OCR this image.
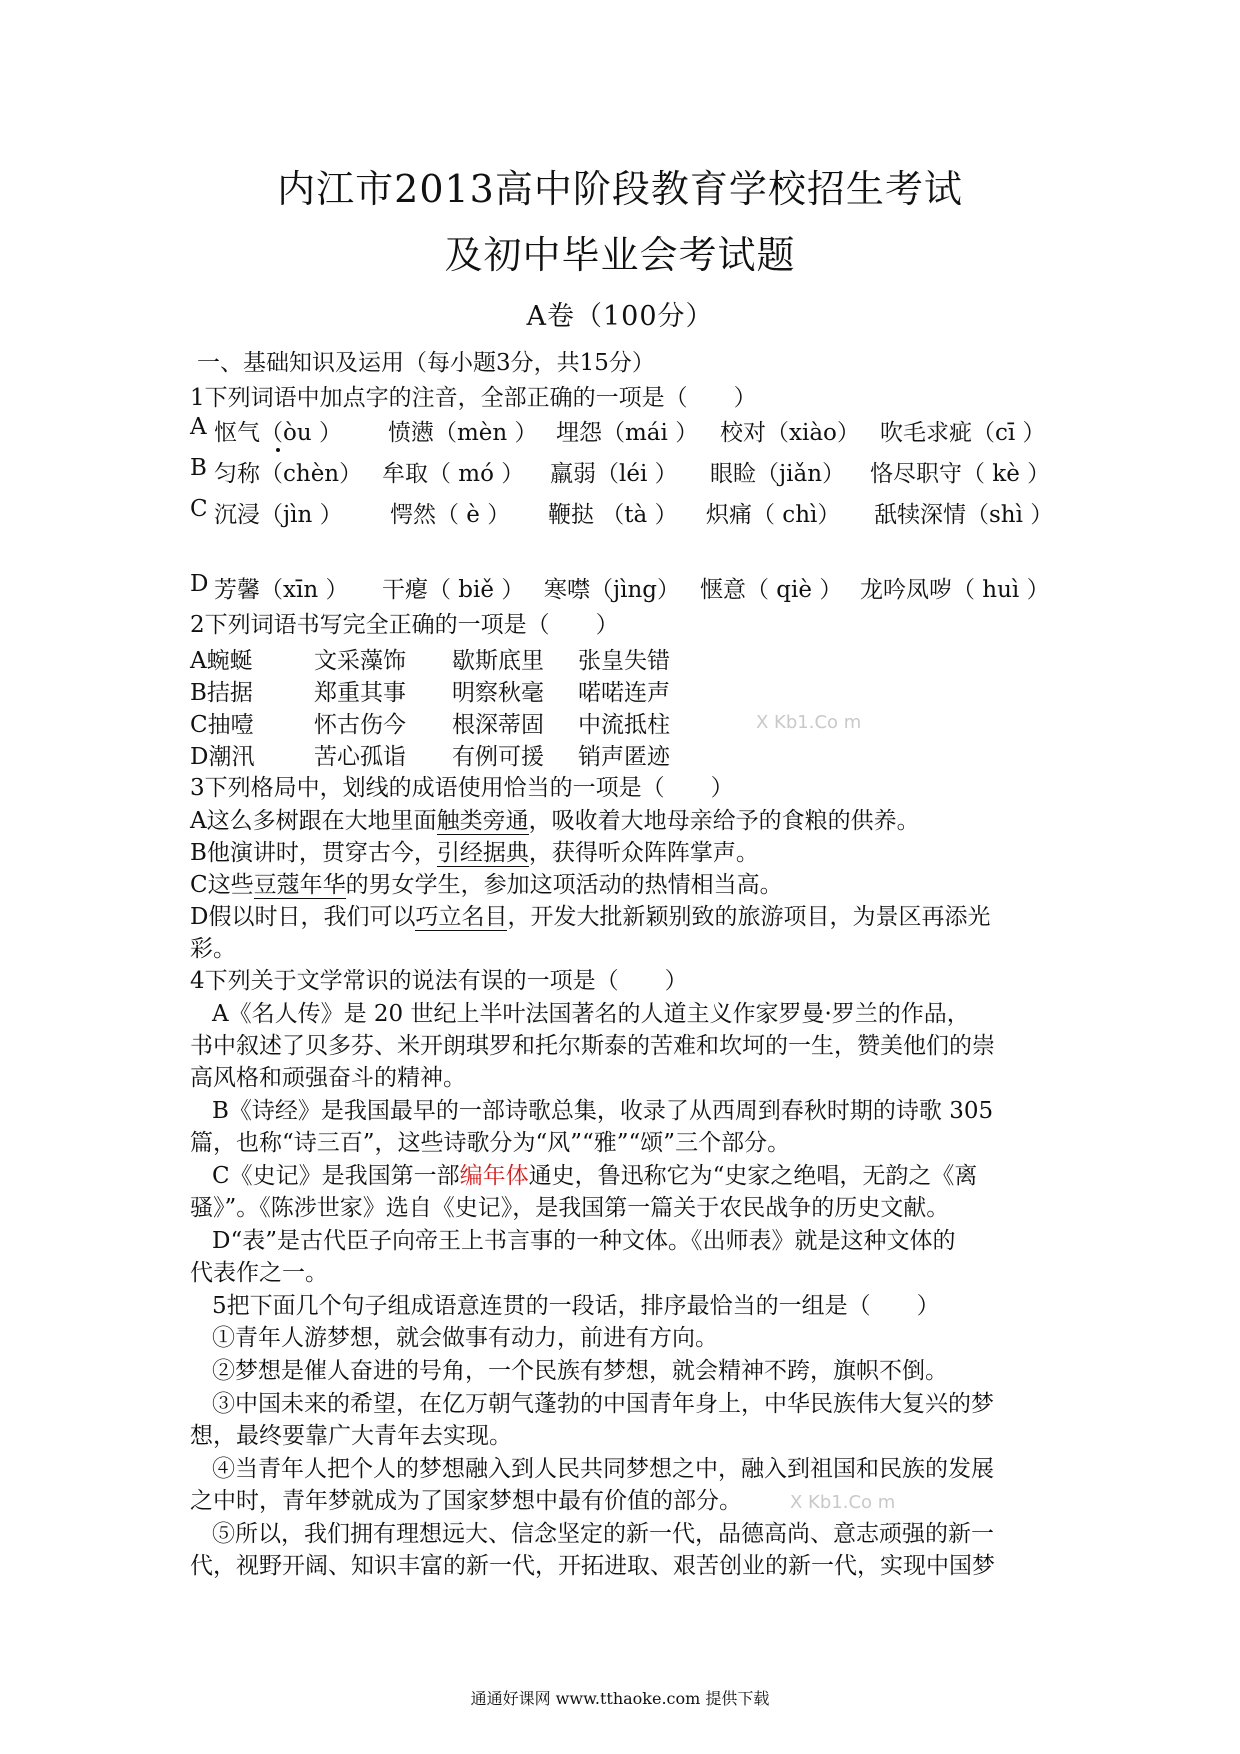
内江市2013高中阶段教育学校招生考试
及初中毕业会考试题
A卷（100分）
一、基础知识及运用（每小题3分，共15分）
1下列词语中加点字的注音，全部正确的一项是（　　）
A 怄气（òu ） 愤懑（mèn ） 埋怨（mái ） 校对（xiào） 吹毛求疵（cī ）
B 匀称（chèn） 牟取（ mó ） 羸弱（léi ） 眼睑（jiǎn） 恪尽职守（ kè ）
C 沉浸（jìn ） 愕然（ è ） 鞭挞 （tà ） 炽痛（ chì） 舐犊深情（shì ）
D 芳馨（xīn ） 干瘪（ biě ） 寒噤（jìng） 惬意（ qiè ） 龙吟凤哕（ huì ）
2下列词语书写完全正确的一项是（　　）
A蜿蜒	文采藻饰 歇斯底里 张皇失错
B拮据	郑重其事 明察秋毫 喏喏连声
C抽噎	怀古伤今 根深蒂固 中流抵柱
D潮汛	苦心孤诣 有例可援 销声匿迹
X Kb1.Co m
3下列格局中，划线的成语使用恰当的一项是（　　）
A这么多树跟在大地里面触类旁通，吸收着大地母亲给予的食粮的供养。
B他演讲时，贯穿古今，引经据典，获得听众阵阵掌声。
C这些豆蔻年华的男女学生，参加这项活动的热情相当高。
D假以时日，我们可以巧立名目，开发大批新颖别致的旅游项目，为景区再添光
彩。
4下列关于文学常识的说法有误的一项是（　　）
A《名人传》是 20 世纪上半叶法国著名的人道主义作家罗曼·罗兰的作品，
书中叙述了贝多芬、米开朗琪罗和托尔斯泰的苦难和坎坷的一生，赞美他们的崇
高风格和顽强奋斗的精神。
B《诗经》是我国最早的一部诗歌总集，收录了从西周到春秋时期的诗歌 305
篇，也称“诗三百”，这些诗歌分为“风”“雅”“颂”三个部分。
C《史记》是我国第一部编年体通史，鲁迅称它为“史家之绝唱，无韵之《离
骚》”。《陈涉世家》选自《史记》，是我国第一篇关于农民战争的历史文献。
D“表”是古代臣子向帝王上书言事的一种文体。《出师表》就是这种文体的
代表作之一。
5把下面几个句子组成语意连贯的一段话，排序最恰当的一组是（　　）
①青年人游梦想，就会做事有动力，前进有方向。
②梦想是催人奋进的号角，一个民族有梦想，就会精神不跨，旗帜不倒。
③中国未来的希望，在亿万朝气蓬勃的中国青年身上，中华民族伟大复兴的梦
想，最终要靠广大青年去实现。
④当青年人把个人的梦想融入到人民共同梦想之中，融入到祖国和民族的发展
之中时，青年梦就成为了国家梦想中最有价值的部分。	X Kb1.Co m
⑤所以，我们拥有理想远大、信念坚定的新一代，品德高尚、意志顽强的新一
代，视野开阔、知识丰富的新一代，开拓进取、艰苦创业的新一代，实现中国梦
通通好课网 www.tthaoke.com 提供下载
